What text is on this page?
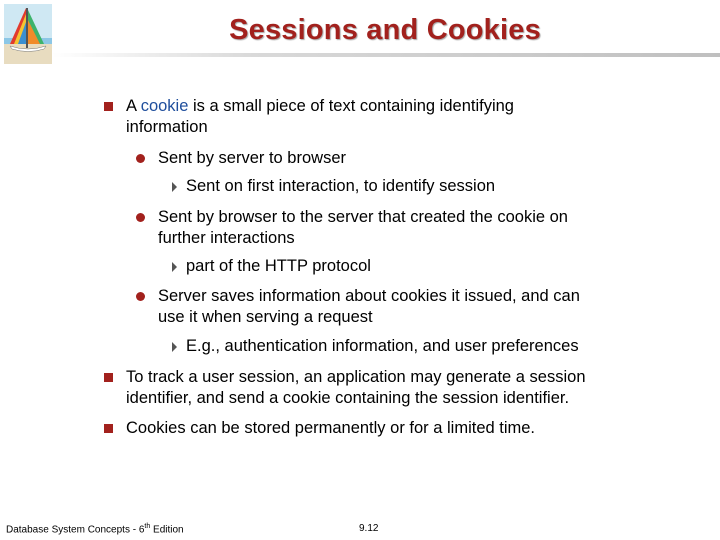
Sessions and Cookies
A cookie is a small piece of text containing identifying
information
Sent by server to browser
Sent on first interaction, to identify session
Sent by browser to the server that created the cookie on
further interactions
part of the HTTP protocol
Server saves information about cookies it issued, and can
use it when serving a request
E.g., authentication information, and user preferences
To track a user session, an application may generate a session
identifier, and send a cookie containing the session identifier.
Cookies can be stored permanently or for a limited time.
Database System Concepts - 6th Edition	9.12
